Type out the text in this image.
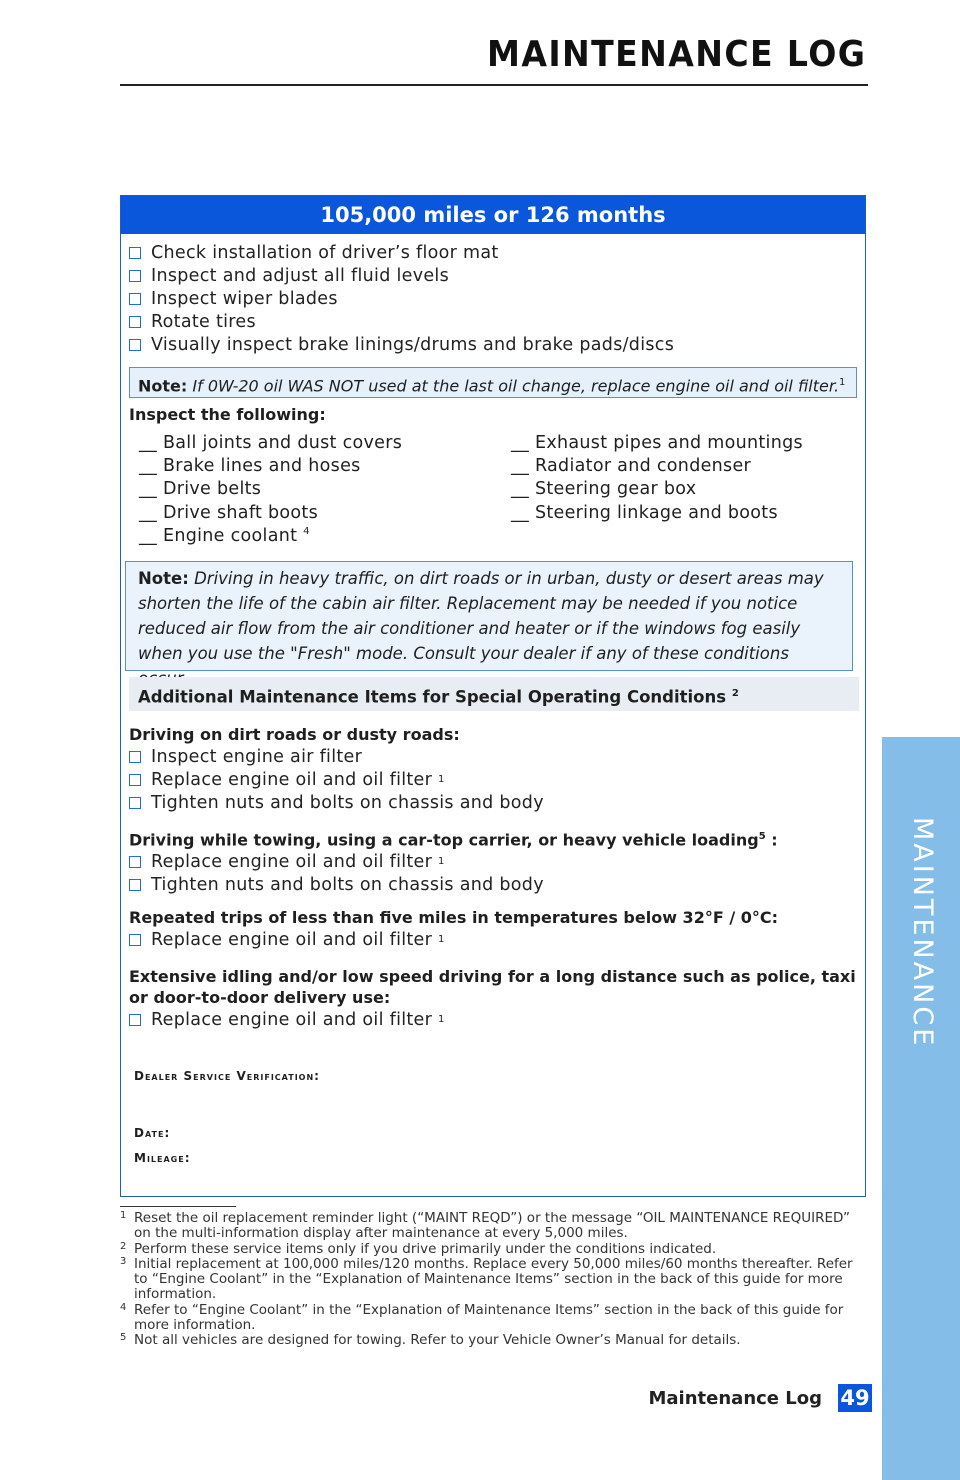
MAINTENANCE LOG
MAINTENANCE
105,000 miles or 126 months
Check installation of driver’s floor mat
Inspect and adjust all fluid levels
Inspect wiper blades
Rotate tires
Visually inspect brake linings/drums and brake pads/discs
Note: If 0W-20 oil WAS NOT used at the last oil change, replace engine oil and oil filter.$^1$
Inspect the following:
__ Ball joints and dust covers
__ Brake lines and hoses
__ Drive belts
__ Drive shaft boots
__ Engine coolant $^4$
__ Exhaust pipes and mountings
__ Radiator and condenser
__ Steering gear box
__ Steering linkage and boots
Note: Driving in heavy traffic, on dirt roads or in urban, dusty or desert areas may shorten the life of the cabin air filter. Replacement may be needed if you notice reduced air flow from the air conditioner and heater or if the windows fog easily when you use the "Fresh" mode. Consult your dealer if any of these conditions
Additional Maintenance Items for Special Operating Conditions $^2$
Driving on dirt roads or dusty roads:
Inspect engine air filter
Replace engine oil and oil filter
1
Tighten nuts and bolts on chassis and body
Driving while towing, using a car-top carrier, or heavy vehicle loading$^5$ :
Replace engine oil and oil filter
1
Tighten nuts and bolts on chassis and body
Repeated trips of less than five miles in temperatures below 32°F / 0°C:
Replace engine oil and oil filter
1
Extensive idling and/or low speed driving for a long distance such as police, taxi or door-to-door delivery use:
Replace engine oil and oil filter
1
Dealer Service Verification:
Date:
Mileage:
1 Reset the oil replacement reminder light (“MAINT REQD”) or the message “OIL MAINTENANCE REQUIRED” on the multi-information display after maintenance at every 5,000 miles.
2 Perform these service items only if you drive primarily under the conditions indicated.
3 Initial replacement at 100,000 miles/120 months. Replace every 50,000 miles/60 months thereafter. Refer to “Engine Coolant” in the “Explanation of Maintenance Items” section in the back of this guide for more information.
4 Refer to “Engine Coolant” in the “Explanation of Maintenance Items” section in the back of this guide for more information.
5 Not all vehicles are designed for towing. Refer to your Vehicle Owner’s Manual for details.
Maintenance Log 49
